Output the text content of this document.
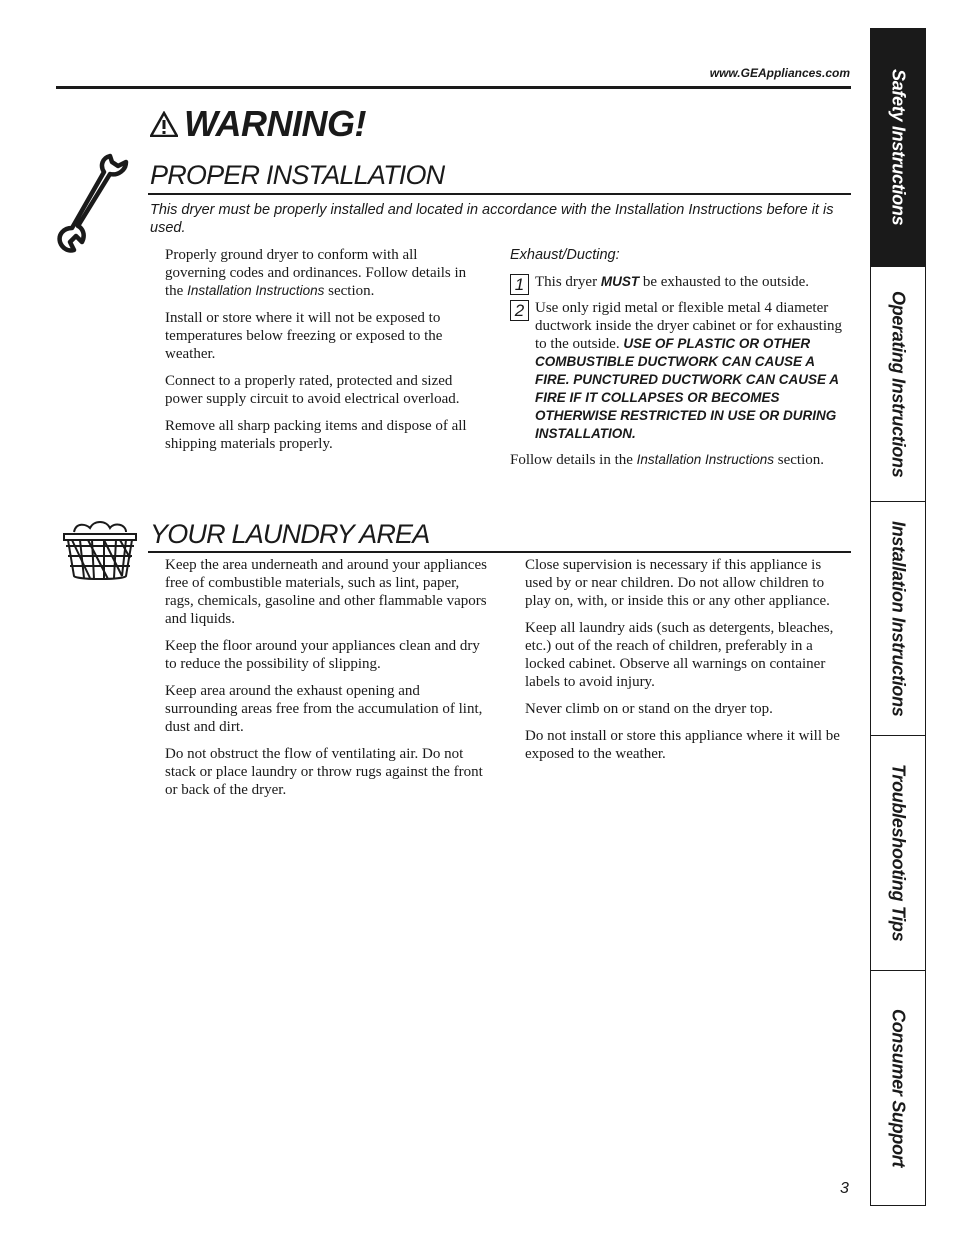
www.GEAppliances.com
WARNING!
PROPER INSTALLATION
This dryer must be properly installed and located in accordance with the Installation Instructions before it is used.

Properly ground dryer to conform with all governing codes and ordinances. Follow details in the Installation Instructions section.

Install or store where it will not be exposed to temperatures below freezing or exposed to the weather.

Connect to a properly rated, protected and sized power supply circuit to avoid electrical overload.

Remove all sharp packing items and dispose of all shipping materials properly.

Exhaust/Ducting:

1 This dryer MUST be exhausted to the outside.
2 Use only rigid metal or flexible metal 4 diameter ductwork inside the dryer cabinet or for exhausting to the outside. USE OF PLASTIC OR OTHER COMBUSTIBLE DUCTWORK CAN CAUSE A FIRE. PUNCTURED DUCTWORK CAN CAUSE A FIRE IF IT COLLAPSES OR BECOMES OTHERWISE RESTRICTED IN USE OR DURING INSTALLATION.

Follow details in the Installation Instructions section.

YOUR LAUNDRY AREA

Keep the area underneath and around your appliances free of combustible materials, such as lint, paper, rags, chemicals, gasoline and other flammable vapors and liquids.

Keep the floor around your appliances clean and dry to reduce the possibility of slipping.

Keep area around the exhaust opening and surrounding areas free from the accumulation of lint, dust and dirt.

Do not obstruct the flow of ventilating air. Do not stack or place laundry or throw rugs against the front or back of the dryer.

Close supervision is necessary if this appliance is used by or near children. Do not allow children to play on, with, or inside this or any other appliance.

Keep all laundry aids (such as detergents, bleaches, etc.) out of the reach of children, preferably in a locked cabinet. Observe all warnings on container labels to avoid injury.

Never climb on or stand on the dryer top.

Do not install or store this appliance where it will be exposed to the weather.

Safety Instructions
Operating Instructions
Installation Instructions
Troubleshooting Tips
Consumer Support
3
